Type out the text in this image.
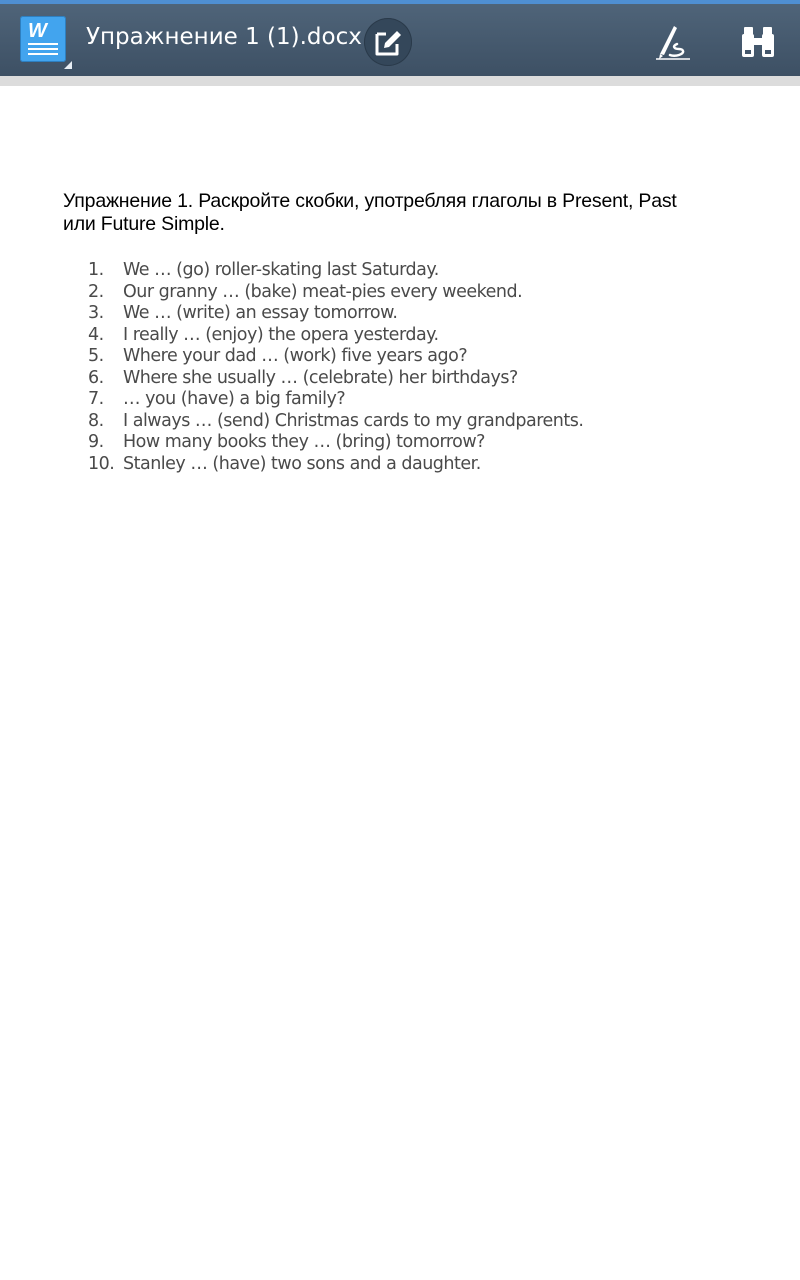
W Упражнение 1 (1).docx
Упражнение 1. Раскройте скобки, употребляя глаголы в Present, Past или Future Simple.
1. We … (go) roller-skating last Saturday.
2. Our granny … (bake) meat-pies every weekend.
3. We … (write) an essay tomorrow.
4. I really … (enjoy) the opera yesterday.
5. Where your dad … (work) five years ago?
6. Where she usually … (celebrate) her birthdays?
7. … you (have) a big family?
8. I always … (send) Christmas cards to my grandparents.
9. How many books they … (bring) tomorrow?
10. Stanley … (have) two sons and a daughter.
